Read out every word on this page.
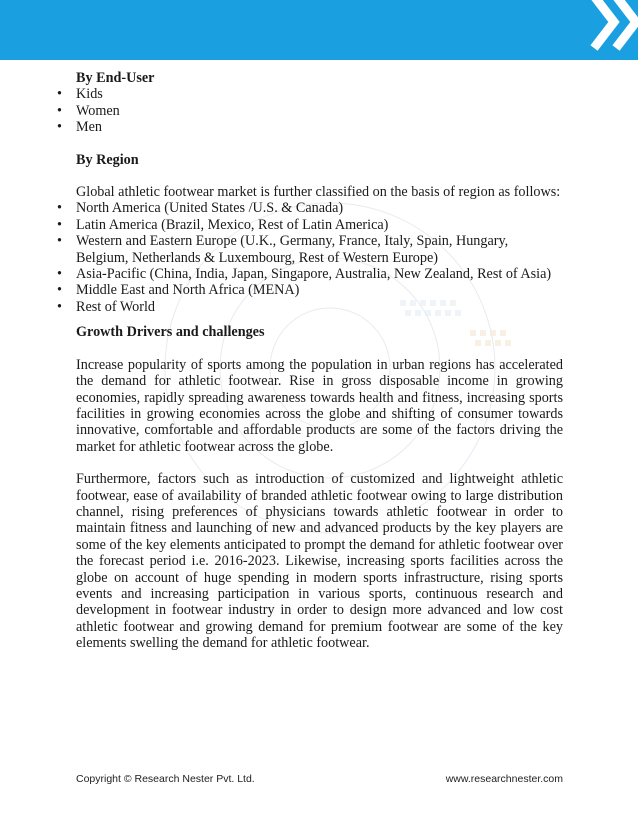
By End-User

• Kids
• Women
• Men

By Region

Global athletic footwear market is further classified on the basis of region as follows:

• North America (United States /U.S. & Canada)
• Latin America (Brazil, Mexico, Rest of Latin America)
• Western and Eastern Europe (U.K., Germany, France, Italy, Spain, Hungary, Belgium, Netherlands & Luxembourg, Rest of Western Europe)
• Asia-Pacific (China, India, Japan, Singapore, Australia, New Zealand, Rest of Asia)
• Middle East and North Africa (MENA)
• Rest of World

Growth Drivers and challenges

Increase popularity of sports among the population in urban regions has accelerated the demand for athletic footwear. Rise in gross disposable income in growing economies, rapidly spreading awareness towards health and fitness, increasing sports facilities in growing economies across the globe and shifting of consumer towards innovative, comfortable and affordable products are some of the factors driving the market for athletic footwear across the globe.

Furthermore, factors such as introduction of customized and lightweight athletic footwear, ease of availability of branded athletic footwear owing to large distribution channel, rising preferences of physicians towards athletic footwear in order to maintain fitness and launching of new and advanced products by the key players are some of the key elements anticipated to prompt the demand for athletic footwear over the forecast period i.e. 2016-2023. Likewise, increasing sports facilities across the globe on account of huge spending in modern sports infrastructure, rising sports events and increasing participation in various sports, continuous research and development in footwear industry in order to design more advanced and low cost athletic footwear and growing demand for premium footwear are some of the key elements swelling the demand for athletic footwear.

Copyright © Research Nester Pvt. Ltd.	www.researchnester.com
